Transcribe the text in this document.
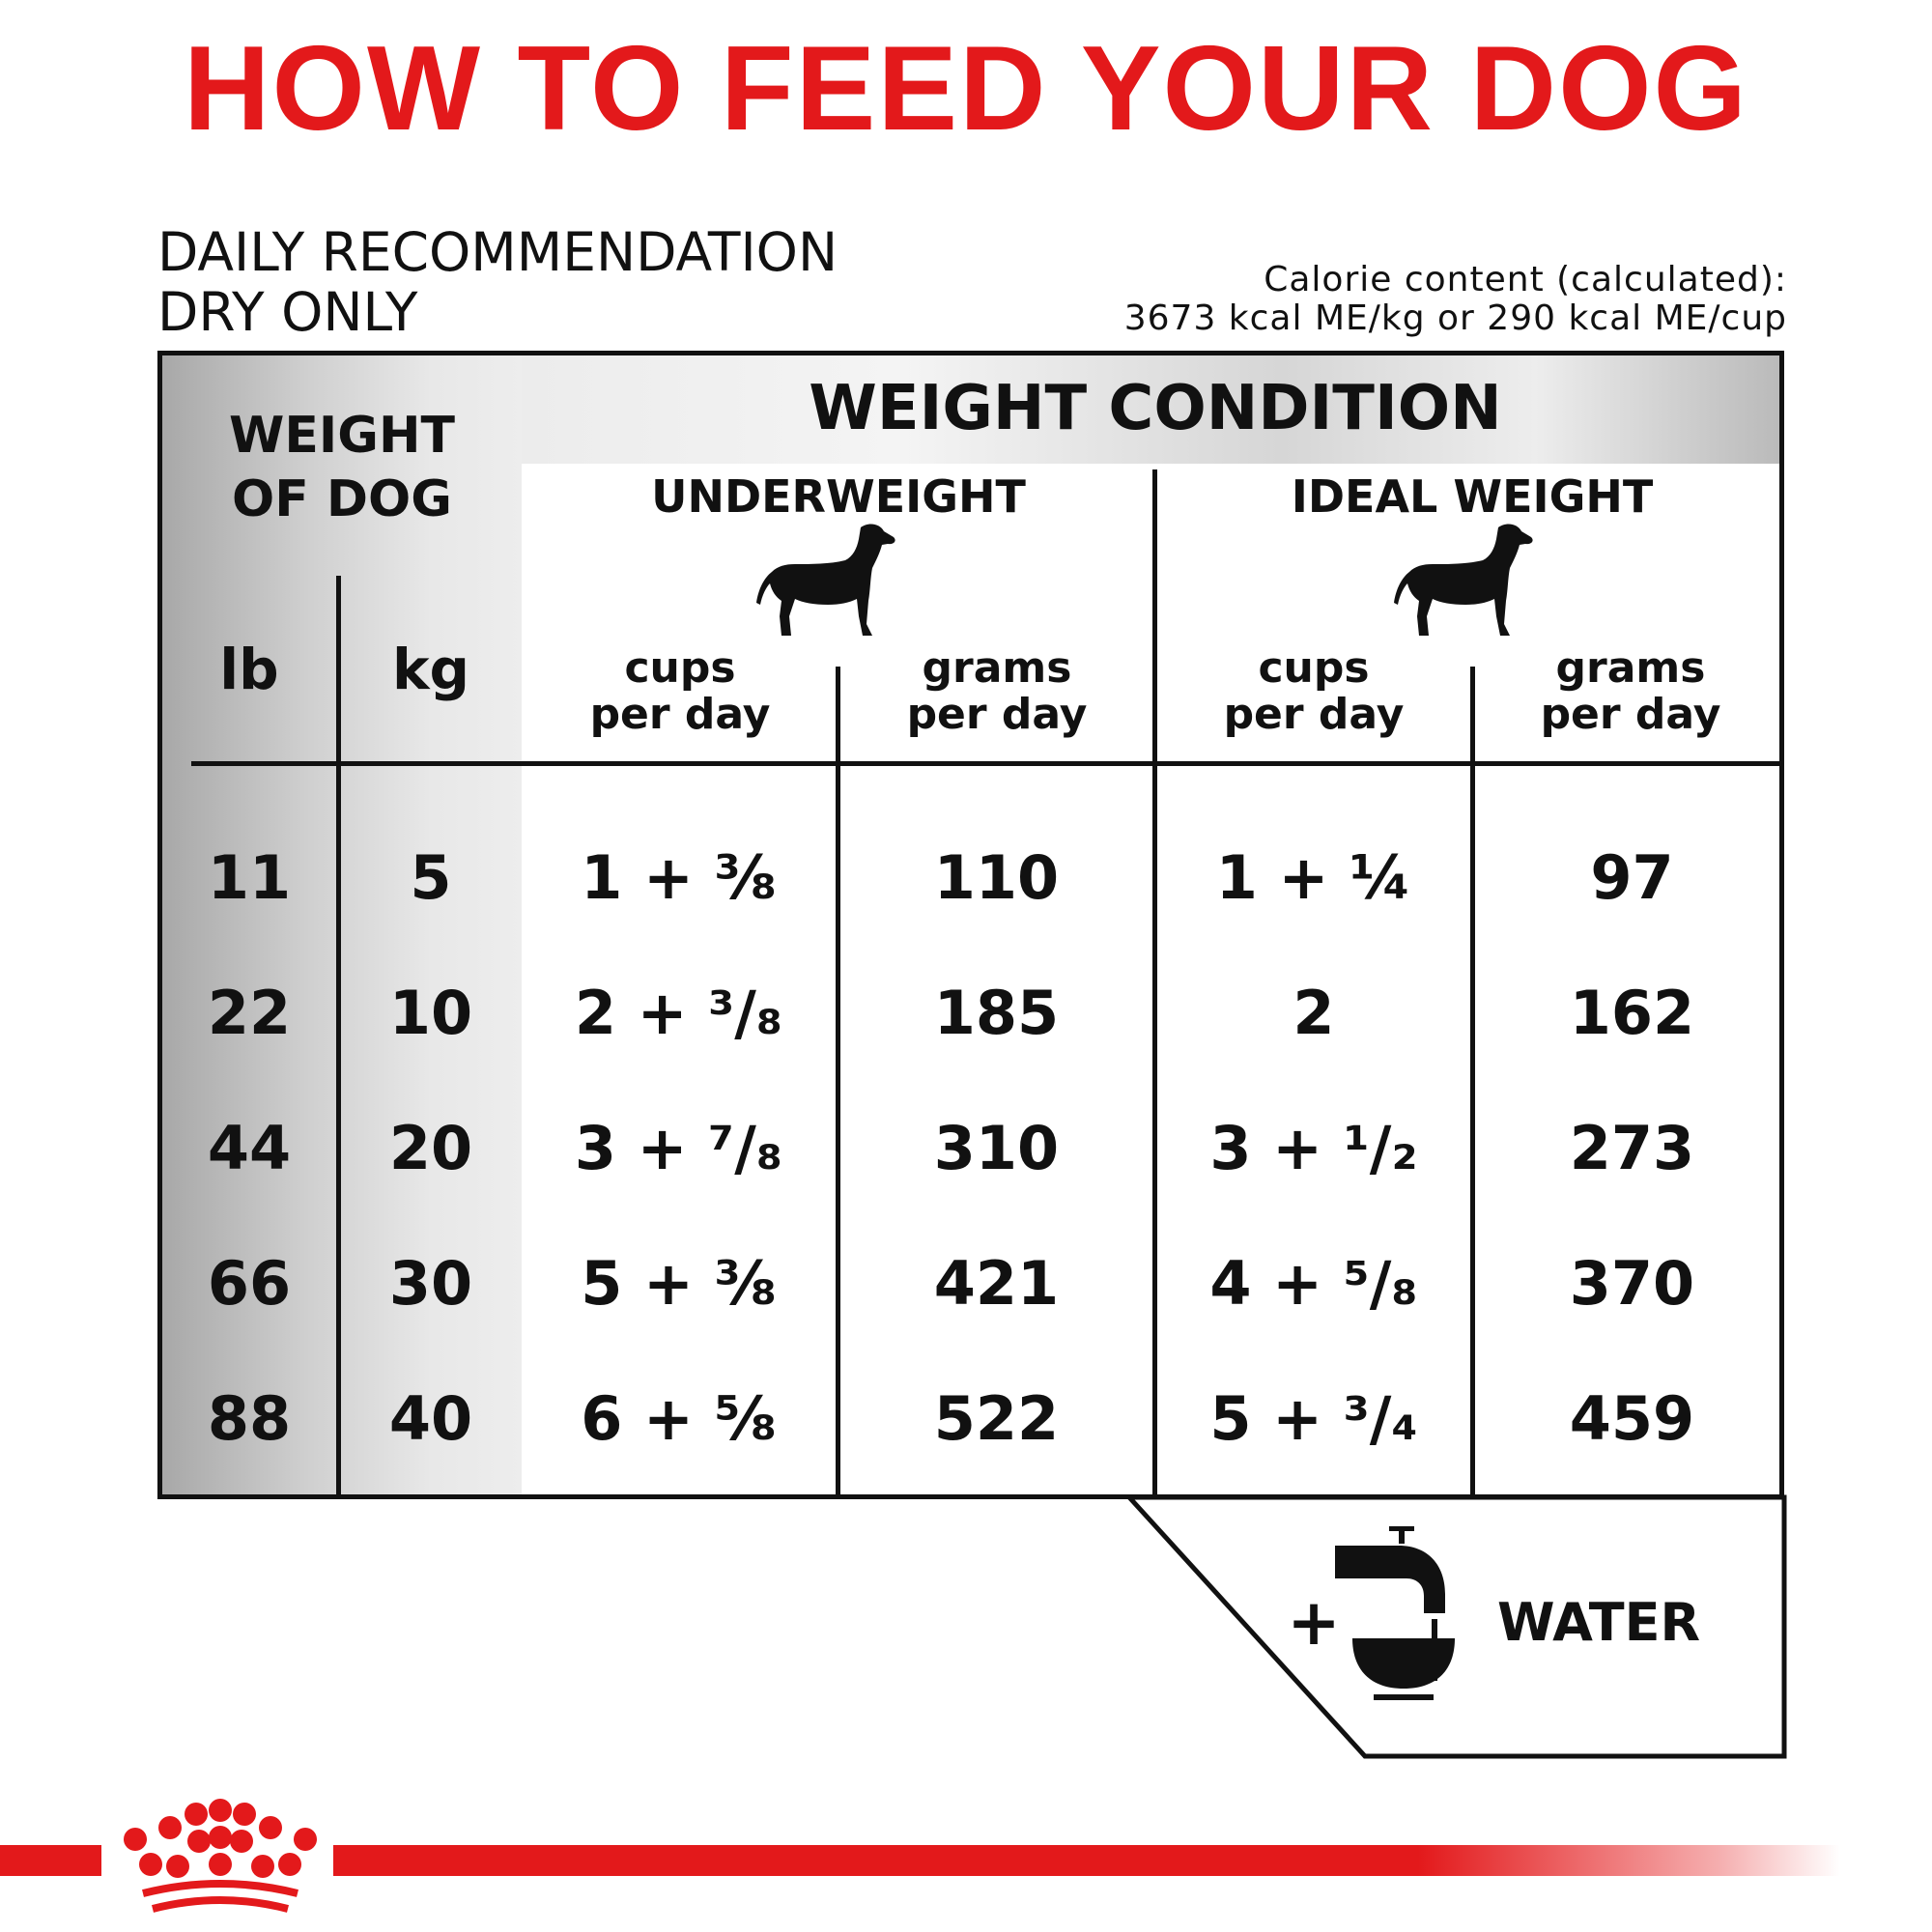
HOW TO FEED YOUR DOG
DAILY RECOMMENDATION
DRY ONLY
Calorie content (calculated):
3673 kcal ME/kg or 290 kcal ME/cup
WEIGHT
OF DOG
WEIGHT CONDITION
UNDERWEIGHT	IDEAL WEIGHT
lb	kg	cups
per day
grams
per day
cups
per day
grams
per day
11	5	1 + ⅜	110	1 + ¼	97
22	10	2 + ³/₈	185	2	162
44	20	3 + ⁷/₈	310	3 + ¹/₂	273
66	30	5 + ⅜	421	4 + ⁵/₈	370
88	40	6 + ⅝	522	5 + ³/₄	459
+	WATER
